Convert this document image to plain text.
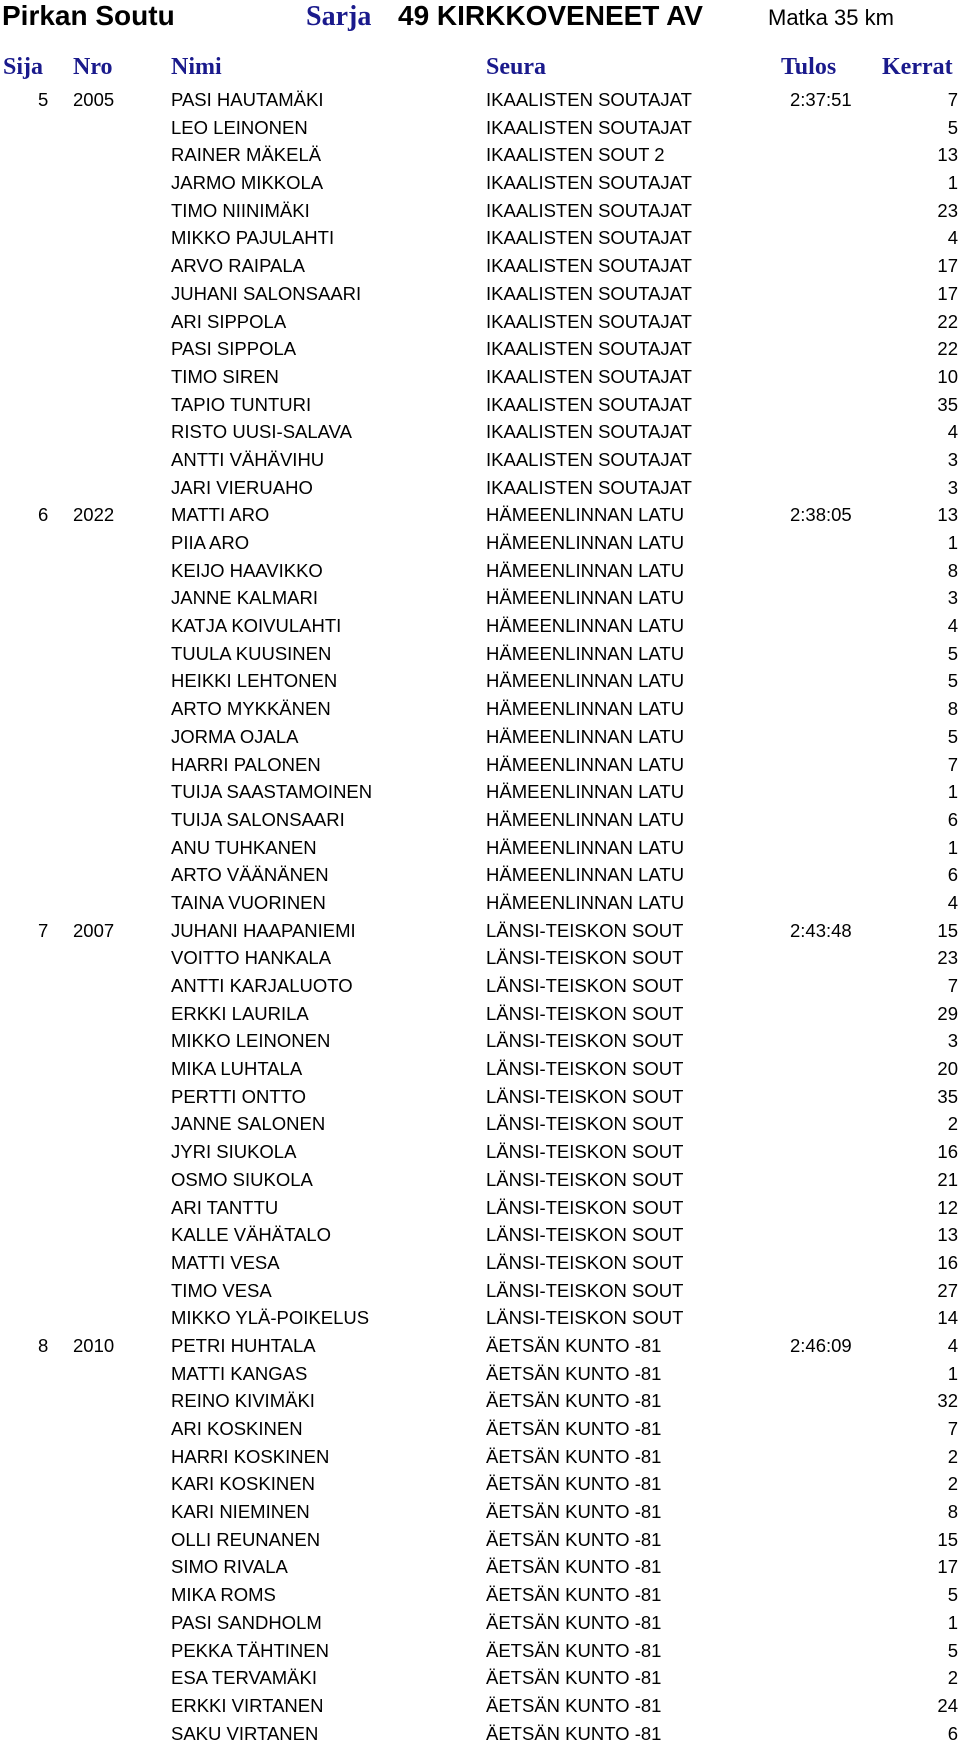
Pirkan Soutu	Sarja 49 KIRKKOVENEET AV	Matka 35 km
Sija Nro Nimi	Seura	Tulos Kerrat
5 2005	PASI HAUTAMÄKI	IKAALISTEN SOUTAJAT	2:37:51	7
LEO LEINONEN	IKAALISTEN SOUTAJAT	5
RAINER MÄKELÄ	IKAALISTEN SOUT 2	13
JARMO MIKKOLA	IKAALISTEN SOUTAJAT	1
TIMO NIINIMÄKI	IKAALISTEN SOUTAJAT	23
MIKKO PAJULAHTI	IKAALISTEN SOUTAJAT	4
ARVO RAIPALA	IKAALISTEN SOUTAJAT	17
JUHANI SALONSAARI	IKAALISTEN SOUTAJAT	17
ARI SIPPOLA	IKAALISTEN SOUTAJAT	22
PASI SIPPOLA	IKAALISTEN SOUTAJAT	22
TIMO SIREN	IKAALISTEN SOUTAJAT	10
TAPIO TUNTURI	IKAALISTEN SOUTAJAT	35
RISTO UUSI-SALAVA	IKAALISTEN SOUTAJAT	4
ANTTI VÄHÄVIHU	IKAALISTEN SOUTAJAT	3
JARI VIERUAHO	IKAALISTEN SOUTAJAT	3
6 2022	MATTI ARO	HÄMEENLINNAN LATU	2:38:05	13
PIIA ARO	HÄMEENLINNAN LATU	1
KEIJO HAAVIKKO	HÄMEENLINNAN LATU	8
JANNE KALMARI	HÄMEENLINNAN LATU	3
KATJA KOIVULAHTI	HÄMEENLINNAN LATU	4
TUULA KUUSINEN	HÄMEENLINNAN LATU	5
HEIKKI LEHTONEN	HÄMEENLINNAN LATU	5
ARTO MYKKÄNEN	HÄMEENLINNAN LATU	8
JORMA OJALA	HÄMEENLINNAN LATU	5
HARRI PALONEN	HÄMEENLINNAN LATU	7
TUIJA SAASTAMOINEN	HÄMEENLINNAN LATU	1
TUIJA SALONSAARI	HÄMEENLINNAN LATU	6
ANU TUHKANEN	HÄMEENLINNAN LATU	1
ARTO VÄÄNÄNEN	HÄMEENLINNAN LATU	6
TAINA VUORINEN	HÄMEENLINNAN LATU	4
7 2007	JUHANI HAAPANIEMI	LÄNSI-TEISKON SOUT	2:43:48	15
VOITTO HANKALA	LÄNSI-TEISKON SOUT	23
ANTTI KARJALUOTO	LÄNSI-TEISKON SOUT	7
ERKKI LAURILA	LÄNSI-TEISKON SOUT	29
MIKKO LEINONEN	LÄNSI-TEISKON SOUT	3
MIKA LUHTALA	LÄNSI-TEISKON SOUT	20
PERTTI ONTTO	LÄNSI-TEISKON SOUT	35
JANNE SALONEN	LÄNSI-TEISKON SOUT	2
JYRI SIUKOLA	LÄNSI-TEISKON SOUT	16
OSMO SIUKOLA	LÄNSI-TEISKON SOUT	21
ARI TANTTU	LÄNSI-TEISKON SOUT	12
KALLE VÄHÄTALO	LÄNSI-TEISKON SOUT	13
MATTI VESA	LÄNSI-TEISKON SOUT	16
TIMO VESA	LÄNSI-TEISKON SOUT	27
MIKKO YLÄ-POIKELUS	LÄNSI-TEISKON SOUT	14
8 2010	PETRI HUHTALA	ÄETSÄN KUNTO -81	2:46:09	4
MATTI KANGAS	ÄETSÄN KUNTO -81	1
REINO KIVIMÄKI	ÄETSÄN KUNTO -81	32
ARI KOSKINEN	ÄETSÄN KUNTO -81	7
HARRI KOSKINEN	ÄETSÄN KUNTO -81	2
KARI KOSKINEN	ÄETSÄN KUNTO -81	2
KARI NIEMINEN	ÄETSÄN KUNTO -81	8
OLLI REUNANEN	ÄETSÄN KUNTO -81	15
SIMO RIVALA	ÄETSÄN KUNTO -81	17
MIKA ROMS	ÄETSÄN KUNTO -81	5
PASI SANDHOLM	ÄETSÄN KUNTO -81	1
PEKKA TÄHTINEN	ÄETSÄN KUNTO -81	5
ESA TERVAMÄKI	ÄETSÄN KUNTO -81	2
ERKKI VIRTANEN	ÄETSÄN KUNTO -81	24
SAKU VIRTANEN	ÄETSÄN KUNTO -81	6
